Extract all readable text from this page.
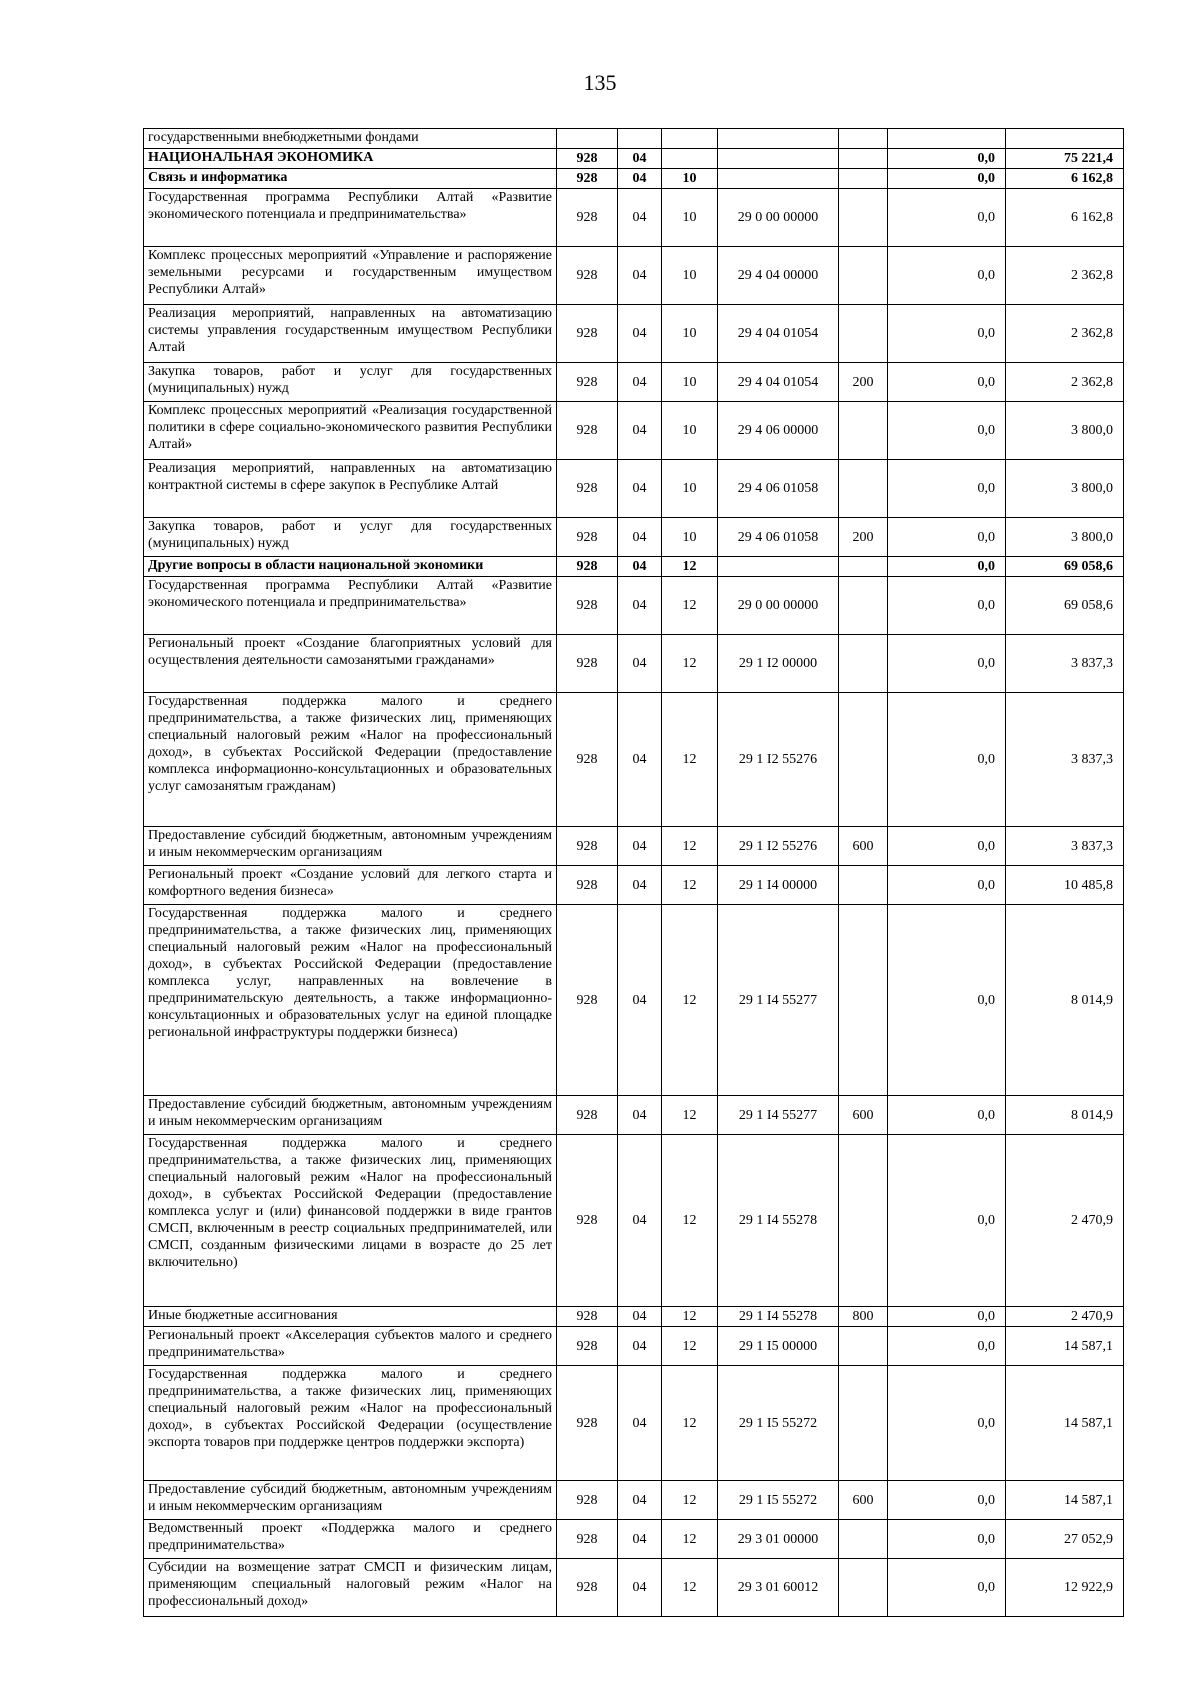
135
государственными внебюджетными фондами							
НАЦИОНАЛЬНАЯ ЭКОНОМИКА	928	04				0,0	75 221,4
Связь и информатика	928	04	10			0,0	6 162,8
Государственная программа Республики Алтай «Развитие экономического потенциала и предпринимательства»	928	04	10	29 0 00 00000		0,0	6 162,8
Комплекс процессных мероприятий «Управление и распоряжение земельными ресурсами и государственным имуществом Республики Алтай»	928	04	10	29 4 04 00000		0,0	2 362,8
Реализация мероприятий, направленных на автоматизацию системы управления государственным имуществом Республики Алтай	928	04	10	29 4 04 01054		0,0	2 362,8
Закупка товаров, работ и услуг для государственных (муниципальных) нужд	928	04	10	29 4 04 01054	200	0,0	2 362,8
Комплекс процессных мероприятий «Реализация государственной политики в сфере социально-экономического развития Республики Алтай»	928	04	10	29 4 06 00000		0,0	3 800,0
Реализация мероприятий, направленных на автоматизацию контрактной системы в сфере закупок в Республике Алтай	928	04	10	29 4 06 01058		0,0	3 800,0
Закупка товаров, работ и услуг для государственных (муниципальных) нужд	928	04	10	29 4 06 01058	200	0,0	3 800,0
Другие вопросы в области национальной экономики	928	04	12			0,0	69 058,6
Государственная программа Республики Алтай «Развитие экономического потенциала и предпринимательства»	928	04	12	29 0 00 00000		0,0	69 058,6
Региональный проект «Создание благоприятных условий для осуществления деятельности самозанятыми гражданами»	928	04	12	29 1 I2 00000		0,0	3 837,3
Государственная поддержка малого и среднего предпринимательства, а также физических лиц, применяющих специальный налоговый режим «Налог на профессиональный доход», в субъектах Российской Федерации (предоставление комплекса информационно-консультационных и образовательных услуг самозанятым гражданам)	928	04	12	29 1 I2 55276		0,0	3 837,3
Предоставление субсидий бюджетным, автономным учреждениям и иным некоммерческим организациям	928	04	12	29 1 I2 55276	600	0,0	3 837,3
Региональный проект «Создание условий для легкого старта и комфортного ведения бизнеса»	928	04	12	29 1 I4 00000		0,0	10 485,8
Государственная поддержка малого и среднего предпринимательства, а также физических лиц, применяющих специальный налоговый режим «Налог на профессиональный доход», в субъектах Российской Федерации (предоставление комплекса услуг, направленных на вовлечение в предпринимательскую деятельность, а также информационно-консультационных и образовательных услуг на единой площадке региональной инфраструктуры поддержки бизнеса)	928	04	12	29 1 I4 55277		0,0	8 014,9
Предоставление субсидий бюджетным, автономным учреждениям и иным некоммерческим организациям	928	04	12	29 1 I4 55277	600	0,0	8 014,9
Государственная поддержка малого и среднего предпринимательства, а также физических лиц, применяющих специальный налоговый режим «Налог на профессиональный доход», в субъектах Российской Федерации (предоставление комплекса услуг и (или) финансовой поддержки в виде грантов СМСП, включенным в реестр социальных предпринимателей, или СМСП, созданным физическими лицами в возрасте до 25 лет включительно)	928	04	12	29 1 I4 55278		0,0	2 470,9
Иные бюджетные ассигнования	928	04	12	29 1 I4 55278	800	0,0	2 470,9
Региональный проект «Акселерация субъектов малого и среднего предпринимательства»	928	04	12	29 1 I5 00000		0,0	14 587,1
Государственная поддержка малого и среднего предпринимательства, а также физических лиц, применяющих специальный налоговый режим «Налог на профессиональный доход», в субъектах Российской Федерации (осуществление экспорта товаров при поддержке центров поддержки экспорта)	928	04	12	29 1 I5 55272		0,0	14 587,1
Предоставление субсидий бюджетным, автономным учреждениям и иным некоммерческим организациям	928	04	12	29 1 I5 55272	600	0,0	14 587,1
Ведомственный проект «Поддержка малого и среднего предпринимательства»	928	04	12	29 3 01 00000		0,0	27 052,9
Субсидии на возмещение затрат СМСП и физическим лицам, применяющим специальный налоговый режим «Налог на профессиональный доход»	928	04	12	29 3 01 60012		0,0	12 922,9
